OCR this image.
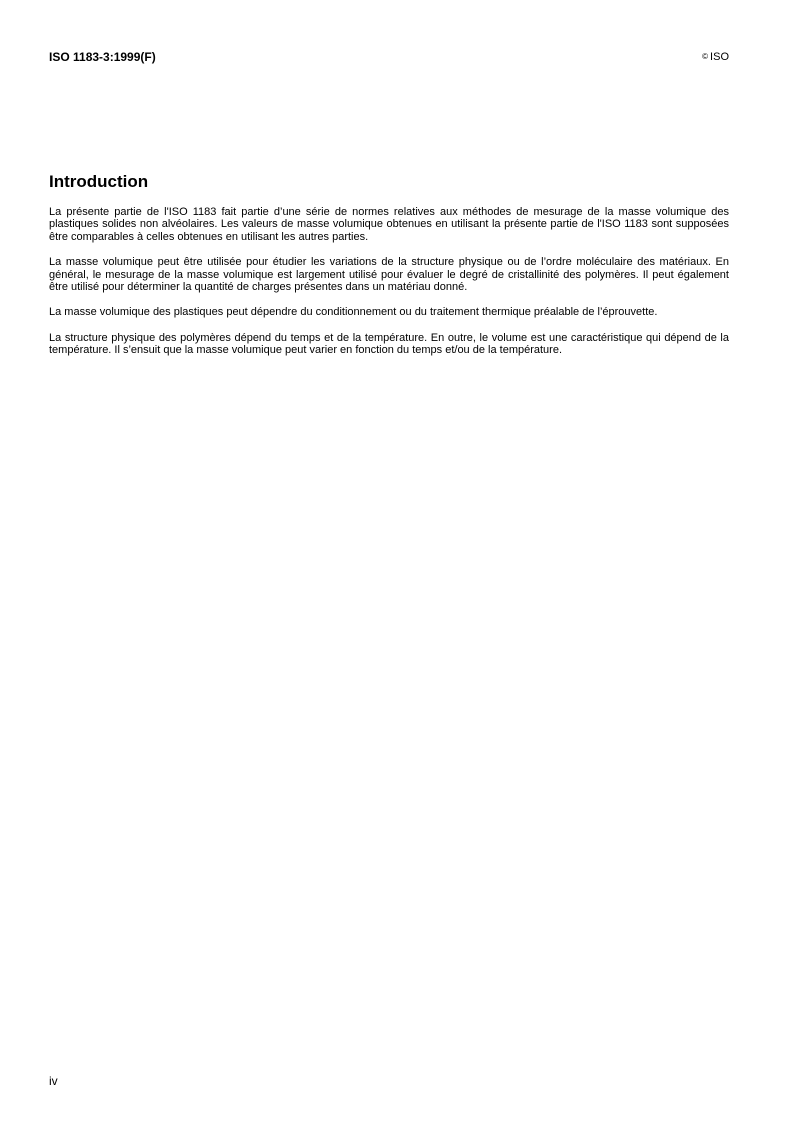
ISO 1183-3:1999(F)	© ISO
Introduction

La présente partie de l'ISO 1183 fait partie d’une série de normes relatives aux méthodes de mesurage de la masse volumique des plastiques solides non alvéolaires. Les valeurs de masse volumique obtenues en utilisant la présente partie de l'ISO 1183 sont supposées être comparables à celles obtenues en utilisant les autres parties.

La masse volumique peut être utilisée pour étudier les variations de la structure physique ou de l’ordre moléculaire des matériaux. En général, le mesurage de la masse volumique est largement utilisé pour évaluer le degré de cristallinité des polymères. Il peut également être utilisé pour déterminer la quantité de charges présentes dans un matériau donné.

La masse volumique des plastiques peut dépendre du conditionnement ou du traitement thermique préalable de l’éprouvette.

La structure physique des polymères dépend du temps et de la température. En outre, le volume est une caractéristique qui dépend de la température. Il s’ensuit que la masse volumique peut varier en fonction du temps et/ou de la température.

iv
